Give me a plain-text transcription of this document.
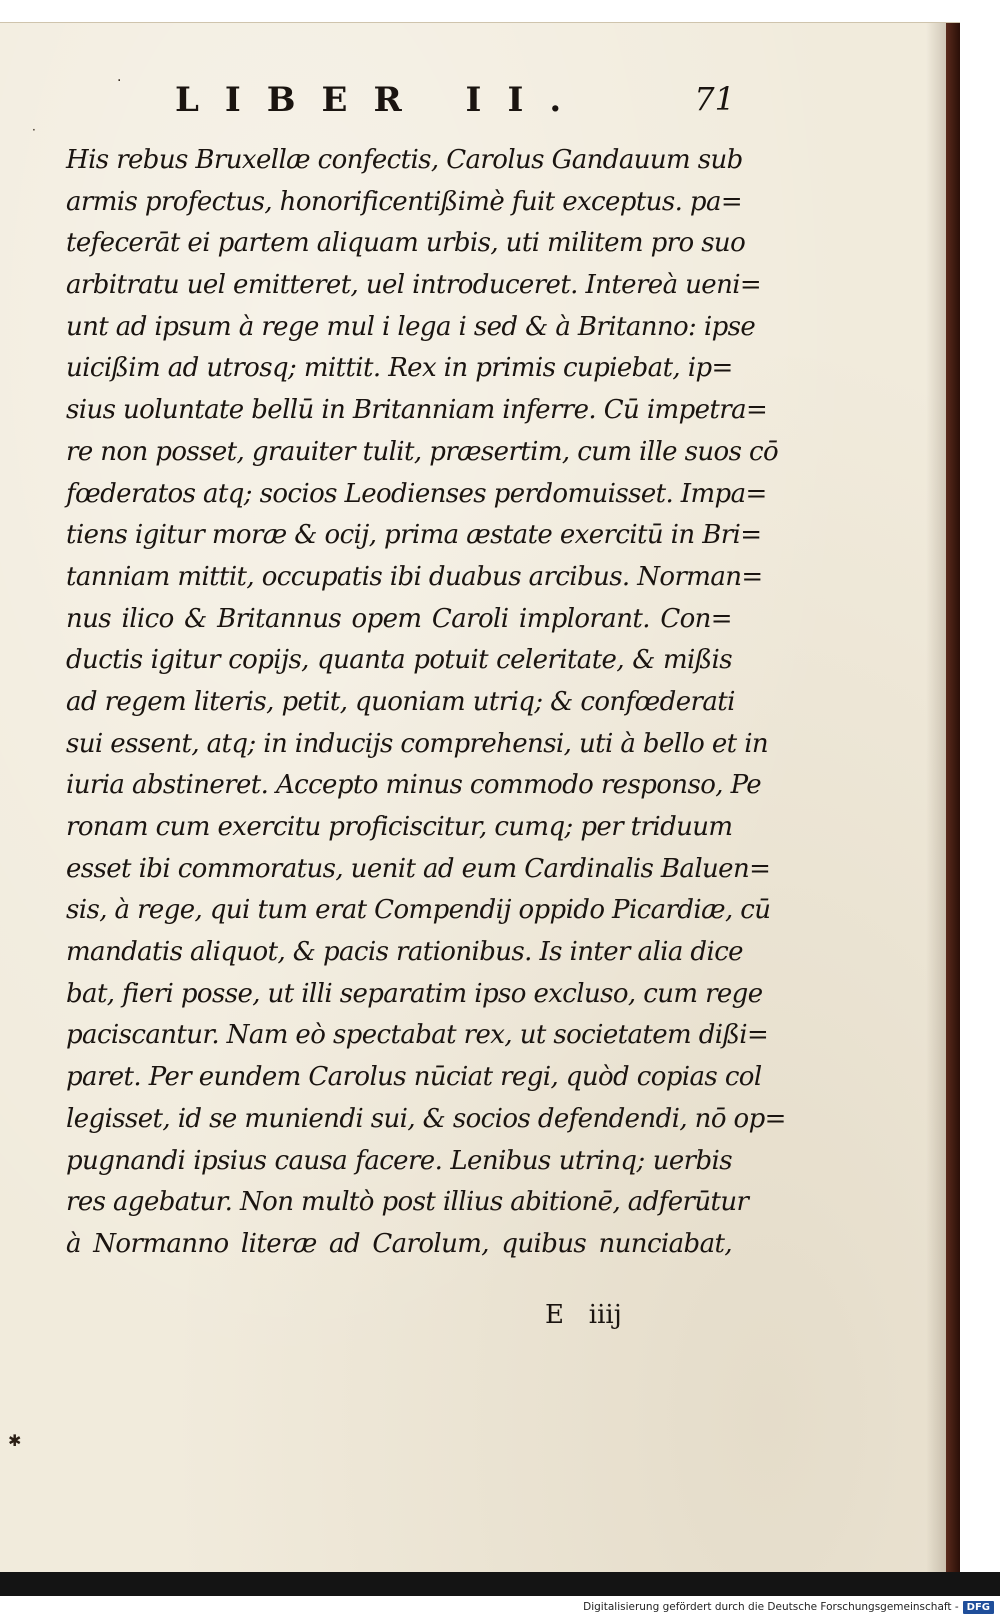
·
·
✱
LIBER II.	71
His rebus Bruxellæ confectis, Carolus Gandauum sub
armis profectus, honorificentißimè fuit exceptus. pa=
tefecerāt ei partem aliquam urbis, uti militem pro suo
arbitratu uel emitteret, uel introduceret. Intereà ueni=
unt ad ipsum à rege mul i lega i sed & à Britanno: ipse
uicißim ad utrosq; mittit. Rex in primis cupiebat, ip=
sius uoluntate bellū in Britanniam inferre. Cū impetra=
re non posset, grauiter tulit, præsertim, cum ille suos cō
fœderatos atq; socios Leodienses perdomuisset. Impa=
tiens igitur moræ & ocij, prima æstate exercitū in Bri=
tanniam mittit, occupatis ibi duabus arcibus. Norman=
nus ilico & Britannus opem Caroli implorant. Con=
ductis igitur copijs, quanta potuit celeritate, & mißis
ad regem literis, petit, quoniam utriq; & confœderati
sui essent, atq; in inducijs comprehensi, uti à bello et in
iuria abstineret. Accepto minus commodo responso, Pe
ronam cum exercitu proficiscitur, cumq; per triduum
esset ibi commoratus, uenit ad eum Cardinalis Baluen=
sis, à rege, qui tum erat Compendij oppido Picardiæ, cū
mandatis aliquot, & pacis rationibus. Is inter alia dice
bat, fieri posse, ut illi separatim ipso excluso, cum rege
paciscantur. Nam eò spectabat rex, ut societatem dißi=
paret. Per eundem Carolus nūciat regi, quòd copias col
legisset, id se muniendi sui, & socios defendendi, nō op=
pugnandi ipsius causa facere. Lenibus utrinq; uerbis
res agebatur. Non multò post illius abitionē, adferūtur
à Normanno literæ ad Carolum, quibus nunciabat,
E   iiij
Digitalisierung gefördert durch die Deutsche Forschungsgemeinschaft - DFG
